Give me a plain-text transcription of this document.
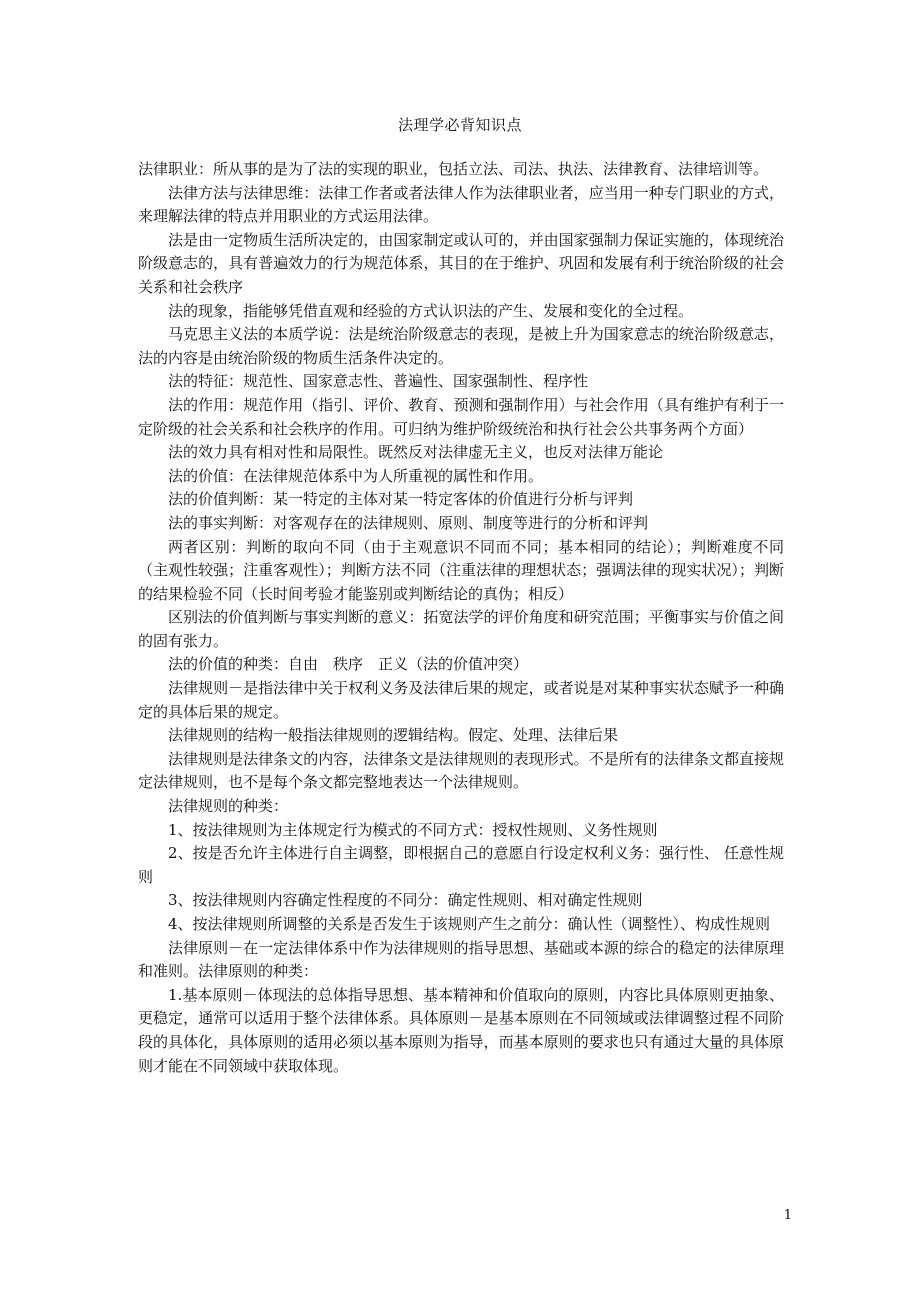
法理学必背知识点

法律职业：所从事的是为了法的实现的职业，包括立法、司法、执法、法律教育、法律培训等。

法律方法与法律思维：法律工作者或者法律人作为法律职业者，应当用一种专门职业的方式，来理解法律的特点并用职业的方式运用法律。

法是由一定物质生活所决定的，由国家制定或认可的，并由国家强制力保证实施的，体现统治阶级意志的，具有普遍效力的行为规范体系，其目的在于维护、巩固和发展有利于统治阶级的社会关系和社会秩序

法的现象，指能够凭借直观和经验的方式认识法的产生、发展和变化的全过程。

马克思主义法的本质学说：法是统治阶级意志的表现，是被上升为国家意志的统治阶级意志，法的内容是由统治阶级的物质生活条件决定的。

法的特征：规范性、国家意志性、普遍性、国家强制性、程序性

法的作用：规范作用（指引、评价、教育、预测和强制作用）与社会作用（具有维护有利于一定阶级的社会关系和社会秩序的作用。可归纳为维护阶级统治和执行社会公共事务两个方面）

法的效力具有相对性和局限性。既然反对法律虚无主义，也反对法律万能论

法的价值：在法律规范体系中为人所重视的属性和作用。

法的价值判断：某一特定的主体对某一特定客体的价值进行分析与评判

法的事实判断：对客观存在的法律规则、原则、制度等进行的分析和评判

两者区别：判断的取向不同（由于主观意识不同而不同；基本相同的结论）；判断难度不同（主观性较强；注重客观性）；判断方法不同（注重法律的理想状态；强调法律的现实状况）；判断的结果检验不同（长时间考验才能鉴别或判断结论的真伪；相反）

区别法的价值判断与事实判断的意义：拓宽法学的评价角度和研究范围；平衡事实与价值之间的固有张力。

法的价值的种类：自由　秩序　正义（法的价值冲突）

法律规则－是指法律中关于权利义务及法律后果的规定，或者说是对某种事实状态赋予一种确定的具体后果的规定。

法律规则的结构一般指法律规则的逻辑结构。假定、处理、法律后果

法律规则是法律条文的内容，法律条文是法律规则的表现形式。不是所有的法律条文都直接规定法律规则，也不是每个条文都完整地表达一个法律规则。

法律规则的种类：

1、按法律规则为主体规定行为模式的不同方式：授权性规则、义务性规则

2、按是否允许主体进行自主调整，即根据自己的意愿自行设定权利义务：强行性、 任意性规则

3、按法律规则内容确定性程度的不同分：确定性规则、相对确定性规则

4、按法律规则所调整的关系是否发生于该规则产生之前分：确认性（调整性）、构成性规则

法律原则－在一定法律体系中作为法律规则的指导思想、基础或本源的综合的稳定的法律原理和准则。法律原则的种类：

1.基本原则－体现法的总体指导思想、基本精神和价值取向的原则，内容比具体原则更抽象、更稳定，通常可以适用于整个法律体系。具体原则－是基本原则在不同领域或法律调整过程不同阶段的具体化，具体原则的适用必须以基本原则为指导，而基本原则的要求也只有通过大量的具体原则才能在不同领域中获取体现。

1
